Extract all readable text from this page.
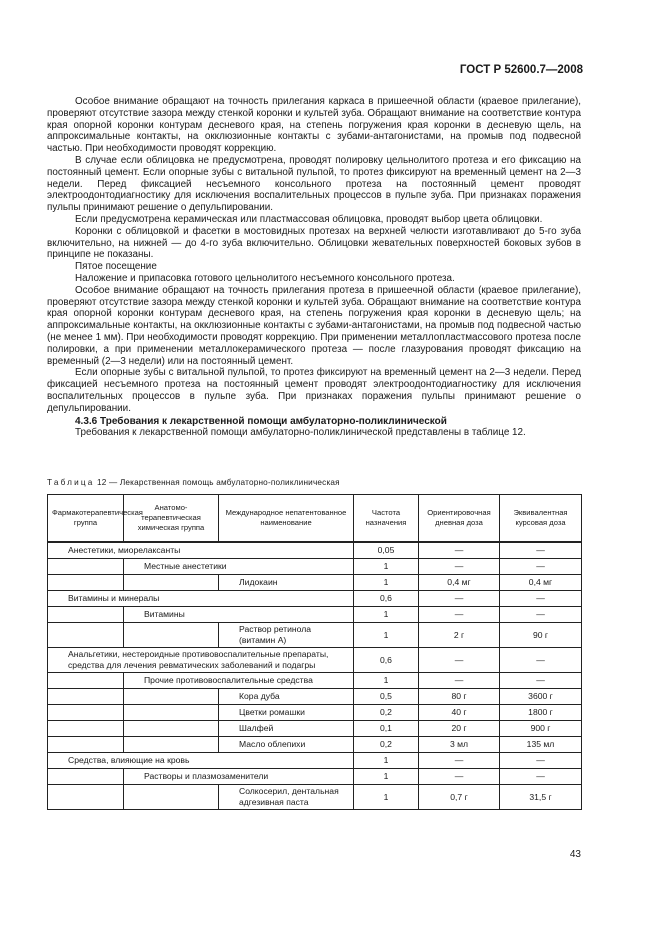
ГОСТ Р 52600.7—2008

Особое внимание обращают на точность прилегания каркаса в пришеечной области (краевое прилегание), проверяют отсутствие зазора между стенкой коронки и культей зуба. Обращают внимание на соответствие контура края опорной коронки контурам десневого края, на степень погружения края коронки в десневую щель, на аппроксимальные контакты, на окклюзионные контакты с зубами-антагонистами, на промыв под подвесной частью. При необходимости проводят коррекцию.

В случае если облицовка не предусмотрена, проводят полировку цельнолитого протеза и его фиксацию на постоянный цемент. Если опорные зубы с витальной пульпой, то протез фиксируют на временный цемент на 2—3 недели. Перед фиксацией несъемного консольного протеза на постоянный цемент проводят электроодонтодиагностику для исключения воспалительных процессов в пульпе зуба. При признаках поражения пульпы принимают решение о депульпировании.

Если предусмотрена керамическая или пластмассовая облицовка, проводят выбор цвета облицовки.

Коронки с облицовкой и фасетки в мостовидных протезах на верхней челюсти изготавливают до 5-го зуба включительно, на нижней — до 4-го зуба включительно. Облицовки жевательных поверхностей боковых зубов в принципе не показаны.

Пятое посещение

Наложение и припасовка готового цельнолитого несъемного консольного протеза.

Особое внимание обращают на точность прилегания протеза в пришеечной области (краевое прилегание), проверяют отсутствие зазора между стенкой коронки и культей зуба. Обращают внимание на соответствие контура края опорной коронки контурам десневого края, на степень погружения края коронки в десневую щель; на аппроксимальные контакты, на окклюзионные контакты с зубами-антагонистами, на промыв под подвесной частью (не менее 1 мм). При необходимости проводят коррекцию. При применении металлопластмассового протеза после полировки, а при применении металлокерамического протеза — после глазурования проводят фиксацию на временный (2—3 недели) или на постоянный цемент.

Если опорные зубы с витальной пульпой, то протез фиксируют на временный цемент на 2—3 недели. Перед фиксацией несъемного протеза на постоянный цемент проводят электроодонтодиагностику для исключения воспалительных процессов в пульпе зуба. При признаках поражения пульпы принимают решение о депульпировании.

4.3.6 Требования к лекарственной помощи амбулаторно-поликлинической

Требования к лекарственной помощи амбулаторно-поликлинической представлены в таблице 12.

Таблица 12 — Лекарственная помощь амбулаторно-поликлиническая
Фармакотерапевтическая группа	Анатомо-терапевтическая химическая группа	Международное непатентованное наименование	Частота назначения	Ориентировочная дневная доза	Эквивалентная курсовая доза
Анестетики, миорелаксанты			0,05	—	—
	Местные анестетики		1	—	—
		Лидокаин	1	0,4 мг	0,4 мг
Витамины и минералы			0,6	—	—
	Витамины		1	—	—
		Раствор ретинола (витамин А)	1	2 г	90 г
Анальгетики, нестероидные противовоспалительные препараты, средства для лечения ревматических заболеваний и подагры			0,6	—	—
	Прочие противовоспалительные средства		1	—	—
		Кора дуба	0,5	80 г	3600 г
		Цветки ромашки	0,2	40 г	1800 г
		Шалфей	0,1	20 г	900 г
		Масло облепихи	0,2	3 мл	135 мл
Средства, влияющие на кровь			1	—	—
	Растворы и плазмозаменители		1	—	—
		Солкосерил, дентальная адгезивная паста	1	0,7 г	31,5 г
43
